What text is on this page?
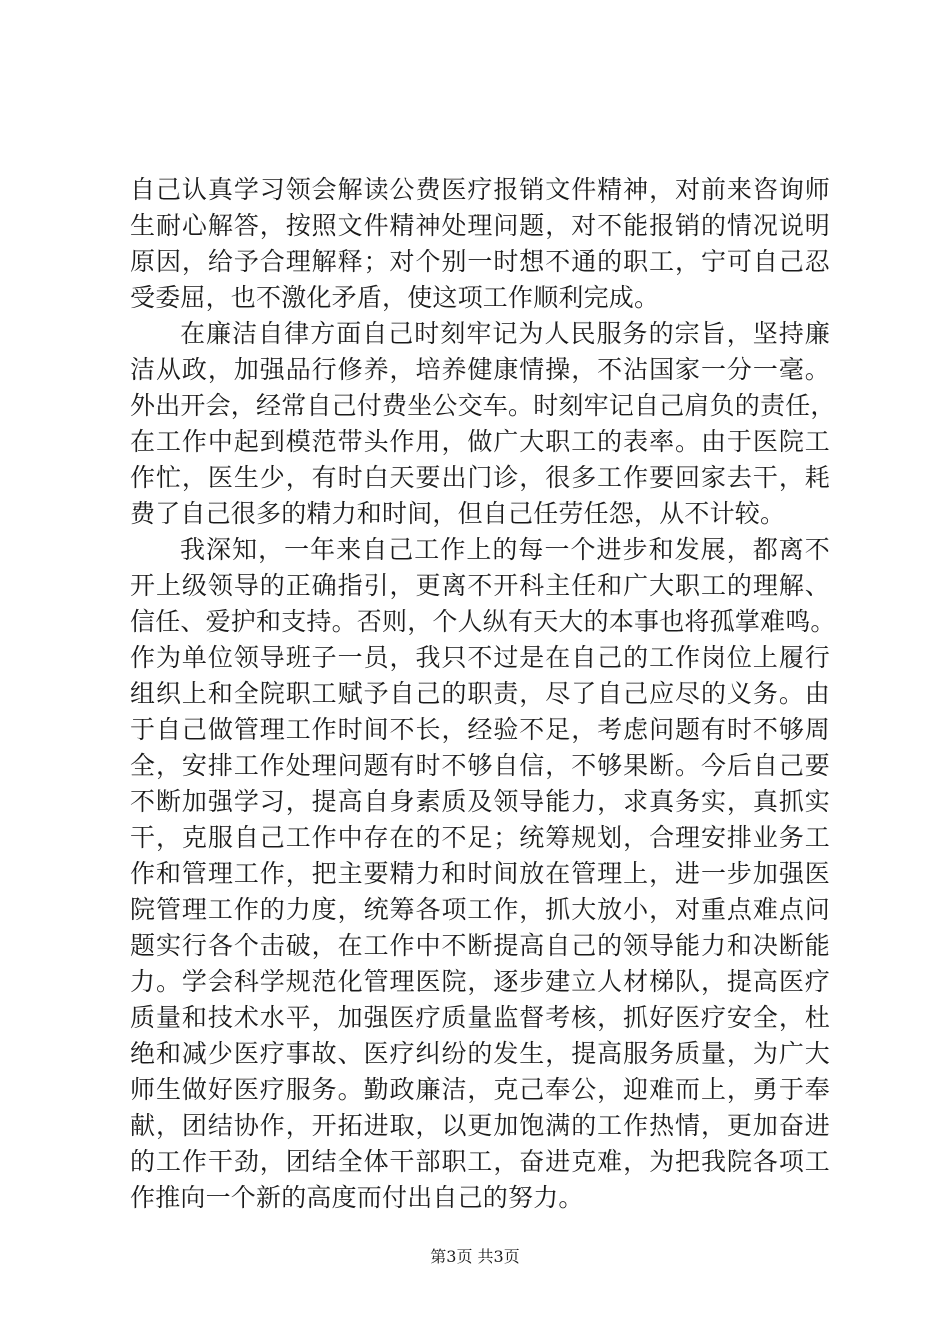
自己认真学习领会解读公费医疗报销文件精神，对前来咨询师
生耐心解答，按照文件精神处理问题，对不能报销的情况说明
原因，给予合理解释；对个别一时想不通的职工，宁可自己忍
受委屈，也不激化矛盾，使这项工作顺利完成。
在廉洁自律方面自己时刻牢记为人民服务的宗旨，坚持廉
洁从政，加强品行修养，培养健康情操，不沾国家一分一毫。
外出开会，经常自己付费坐公交车。时刻牢记自己肩负的责任，
在工作中起到模范带头作用，做广大职工的表率。由于医院工
作忙，医生少，有时白天要出门诊，很多工作要回家去干，耗
费了自己很多的精力和时间，但自己任劳任怨，从不计较。
我深知，一年来自己工作上的每一个进步和发展，都离不
开上级领导的正确指引，更离不开科主任和广大职工的理解、
信任、爱护和支持。否则，个人纵有天大的本事也将孤掌难鸣。
作为单位领导班子一员，我只不过是在自己的工作岗位上履行
组织上和全院职工赋予自己的职责，尽了自己应尽的义务。由
于自己做管理工作时间不长，经验不足，考虑问题有时不够周
全，安排工作处理问题有时不够自信，不够果断。今后自己要
不断加强学习，提高自身素质及领导能力，求真务实，真抓实
干，克服自己工作中存在的不足；统筹规划，合理安排业务工
作和管理工作，把主要精力和时间放在管理上，进一步加强医
院管理工作的力度，统筹各项工作，抓大放小，对重点难点问
题实行各个击破，在工作中不断提高自己的领导能力和决断能
力。学会科学规范化管理医院，逐步建立人材梯队，提高医疗
质量和技术水平，加强医疗质量监督考核，抓好医疗安全，杜
绝和减少医疗事故、医疗纠纷的发生，提高服务质量，为广大
师生做好医疗服务。勤政廉洁，克己奉公，迎难而上，勇于奉
献，团结协作，开拓进取，以更加饱满的工作热情，更加奋进
的工作干劲，团结全体干部职工，奋进克难，为把我院各项工
作推向一个新的高度而付出自己的努力。
第3页 共3页
